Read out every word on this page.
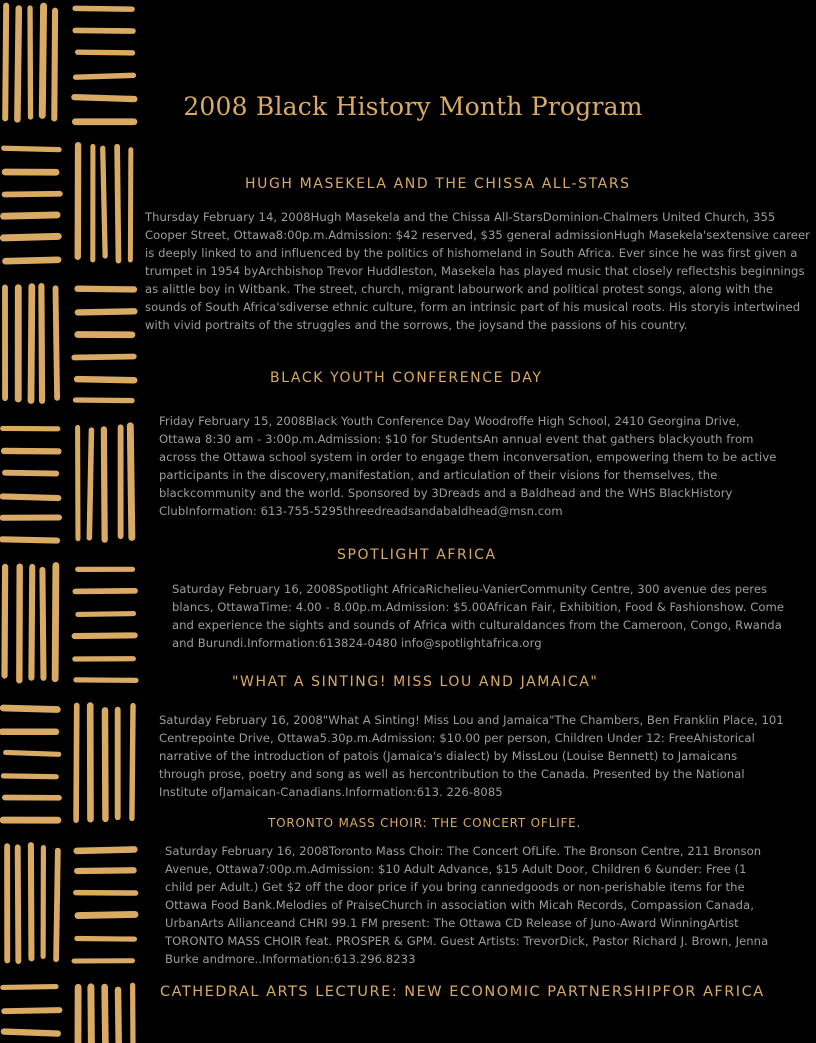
2008 Black History Month Program
HUGH MASEKELA AND THE CHISSA ALL-STARS
Thursday February 14, 2008Hugh Masekela and the Chissa All-StarsDominion-Chalmers United Church, 355 Cooper Street, Ottawa8:00p.m.Admission: $42 reserved, $35 general admissionHugh Masekela'sextensive career is deeply linked to and influenced by the politics of hishomeland in South Africa. Ever since he was first given a trumpet in 1954 byArchbishop Trevor Huddleston, Masekela has played music that closely reflectshis beginnings as alittle boy in Witbank. The street, church, migrant labourwork and political protest songs, along with the sounds of South Africa'sdiverse ethnic culture, form an intrinsic part of his musical roots. His storyis intertwined with vivid portraits of the struggles and the sorrows, the joysand the passions of his country.
BLACK YOUTH CONFERENCE DAY
Friday February 15, 2008Black Youth Conference Day Woodroffe High School, 2410 Georgina Drive, Ottawa 8:30 am - 3:00p.m.Admission: $10 for StudentsAn annual event that gathers blackyouth from across the Ottawa school system in order to engage them inconversation, empowering them to be active participants in the discovery,manifestation, and articulation of their visions for themselves, the blackcommunity and the world. Sponsored by 3Dreads and a Baldhead and the WHS BlackHistory ClubInformation: 613-755-5295threedreadsandabaldhead@msn.com
SPOTLIGHT AFRICA
Saturday February 16, 2008Spotlight AfricaRichelieu-VanierCommunity Centre, 300 avenue des peres blancs, OttawaTime: 4.00 - 8.00p.m.Admission: $5.00African Fair, Exhibition, Food & Fashionshow. Come and experience the sights and sounds of Africa with culturaldances from the Cameroon, Congo, Rwanda and Burundi.Information:613824-0480 info@spotlightafrica.org
"WHAT A SINTING! MISS LOU AND JAMAICA"
Saturday February 16, 2008"What A Sinting! Miss Lou and Jamaica"The Chambers, Ben Franklin Place, 101 Centrepointe Drive, Ottawa5.30p.m.Admission: $10.00 per person, Children Under 12: FreeAhistorical narrative of the introduction of patois (Jamaica's dialect) by MissLou (Louise Bennett) to Jamaicans through prose, poetry and song as well as hercontribution to the Canada. Presented by the National Institute ofJamaican-Canadians.Information:613. 226-8085
TORONTO MASS CHOIR: THE CONCERT OFLIFE.
Saturday February 16, 2008Toronto Mass Choir: The Concert OfLife. The Bronson Centre, 211 Bronson Avenue, Ottawa7:00p.m.Admission: $10 Adult Advance, $15 Adult Door, Children 6 &under: Free (1 child per Adult.) Get $2 off the door price if you bring cannedgoods or non-perishable items for the Ottawa Food Bank.Melodies of PraiseChurch in association with Micah Records, Compassion Canada, UrbanArts Allianceand CHRI 99.1 FM present: The Ottawa CD Release of Juno-Award WinningArtist TORONTO MASS CHOIR feat. PROSPER & GPM. Guest Artists: TrevorDick, Pastor Richard J. Brown, Jenna Burke andmore..Information:613.296.8233
CATHEDRAL ARTS LECTURE: NEW ECONOMIC PARTNERSHIPFOR AFRICA
